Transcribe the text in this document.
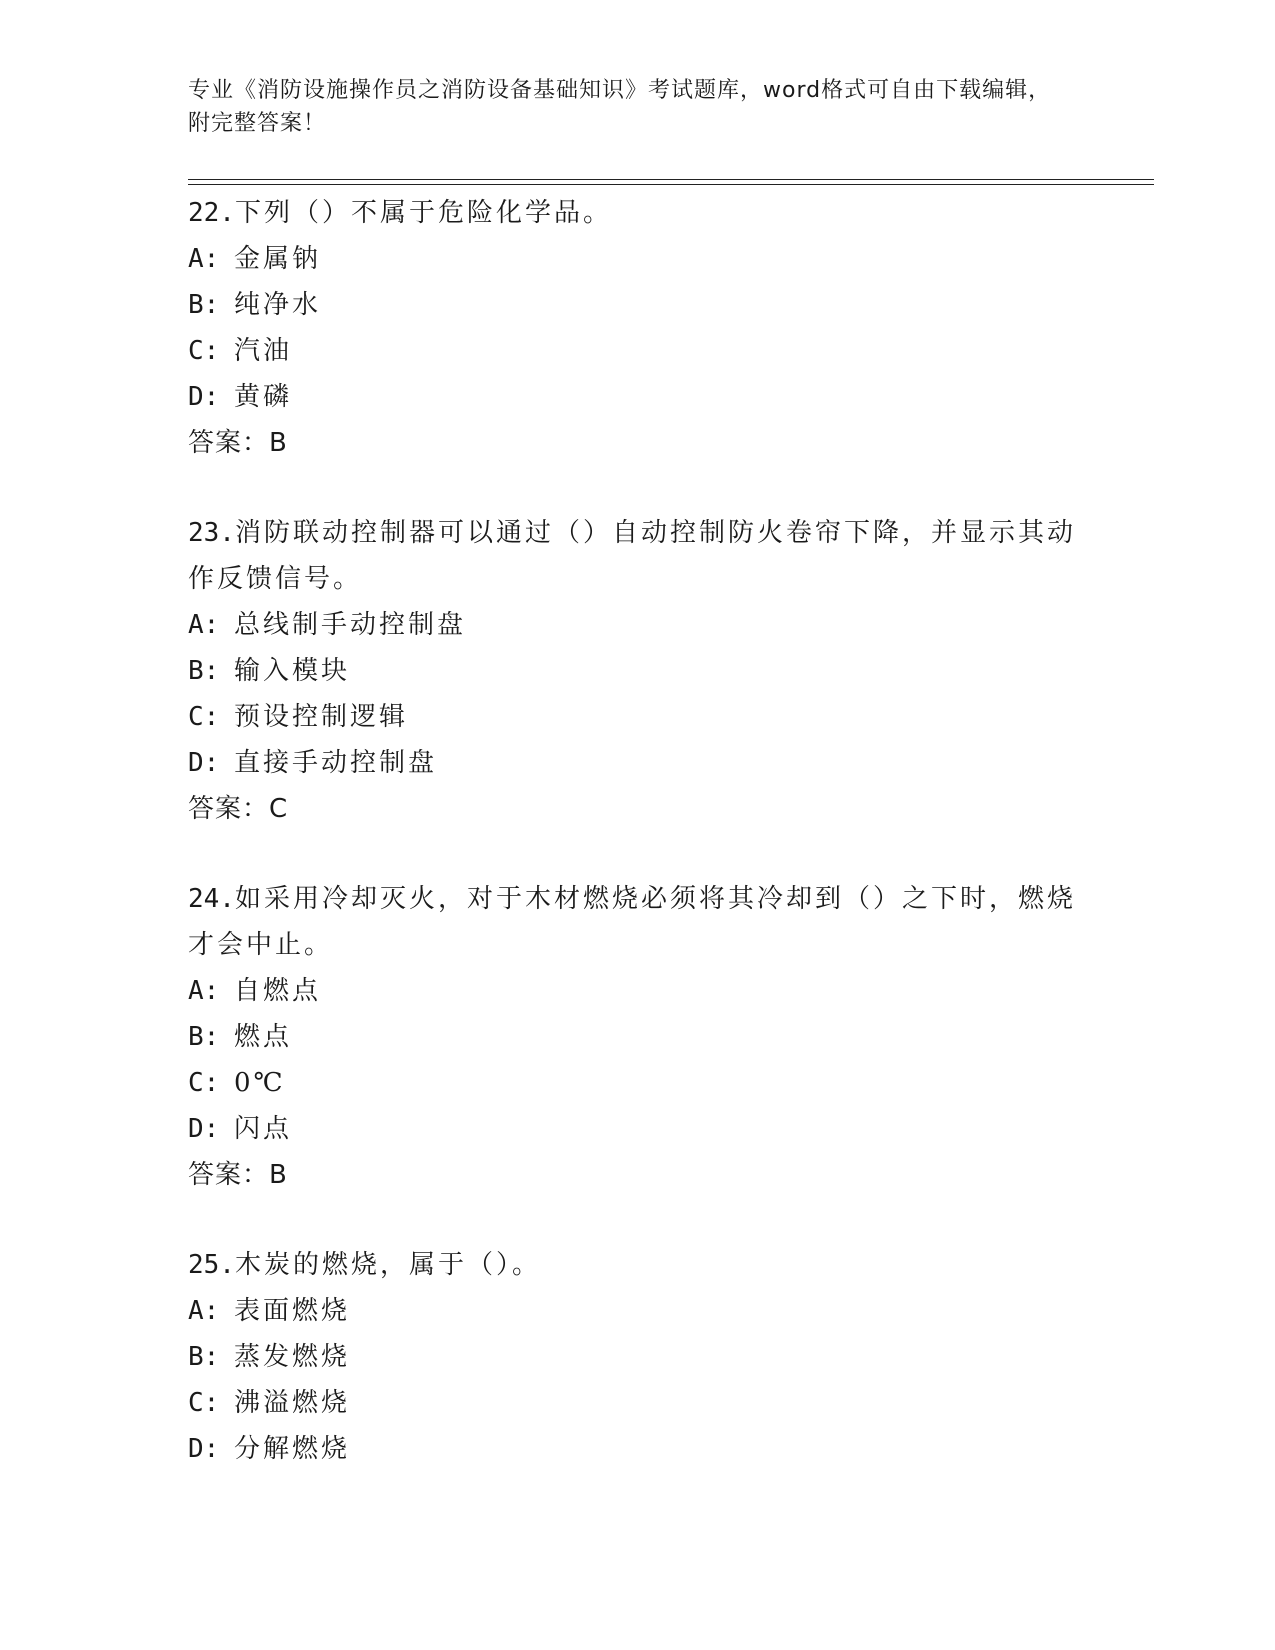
专业《消防设施操作员之消防设备基础知识》考试题库，word格式可自由下载编辑，附完整答案！

22.下列（）不属于危险化学品。

A: 金属钠

B: 纯净水

C: 汽油

D: 黄磷

答案：B

23.消防联动控制器可以通过（）自动控制防火卷帘下降，并显示其动作反馈信号。

A: 总线制手动控制盘

B: 输入模块

C: 预设控制逻辑

D: 直接手动控制盘

答案：C

24.如采用冷却灭火，对于木材燃烧必须将其冷却到（）之下时，燃烧才会中止。

A: 自燃点

B: 燃点

C: 0℃

D: 闪点

答案：B

25.木炭的燃烧，属于（）。

A: 表面燃烧

B: 蒸发燃烧

C: 沸溢燃烧

D: 分解燃烧
